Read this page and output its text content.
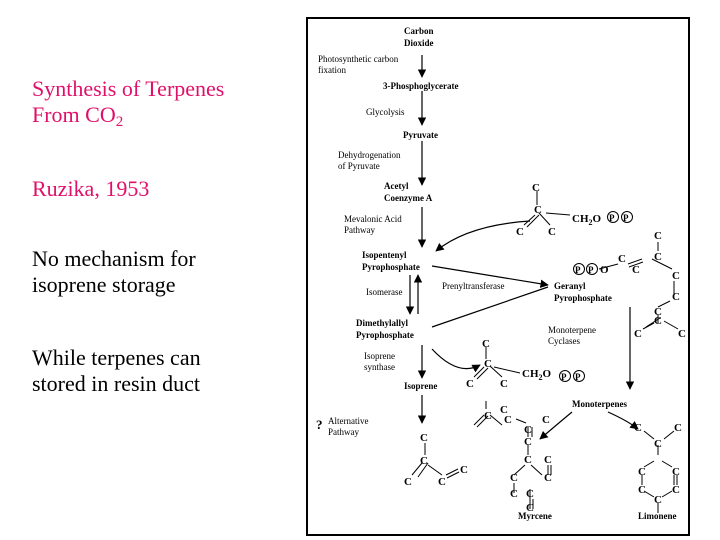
Synthesis of Terpenes
From $CO_2$
Ruzika, 1953
No mechanism for
isoprene storage
While terpenes can
stored in resin duct
Carbon
Dioxide
3-Phosphoglycerate
Pyruvate
Acetyl
Coenzyme A
Isopentenyl
Pyrophosphate
Geranyl
Pyrophosphate
Dimethylallyl
Pyrophosphate
Isoprene
Monoterpenes
Myrcene	Limonene
Photosynthetic carbon
fixation
Glycolysis
Dehydrogenation
of Pyruvate
Mevalonic Acid
Pathway
Isomerase
Prenyltransferase
Isoprene
synthase
Monoterpene
Cyclases
Alternative
Pathway
?
C
C
C C
$CH_2O$
C
C
C
C
C
O
C
C
C
C	C
C
C
C C
$CH_2O$
C
C
C C
C
C
C C	C
C
C
C C
C C
C C
C
C
C
C
C C
C C
C
P P
P P
P P
